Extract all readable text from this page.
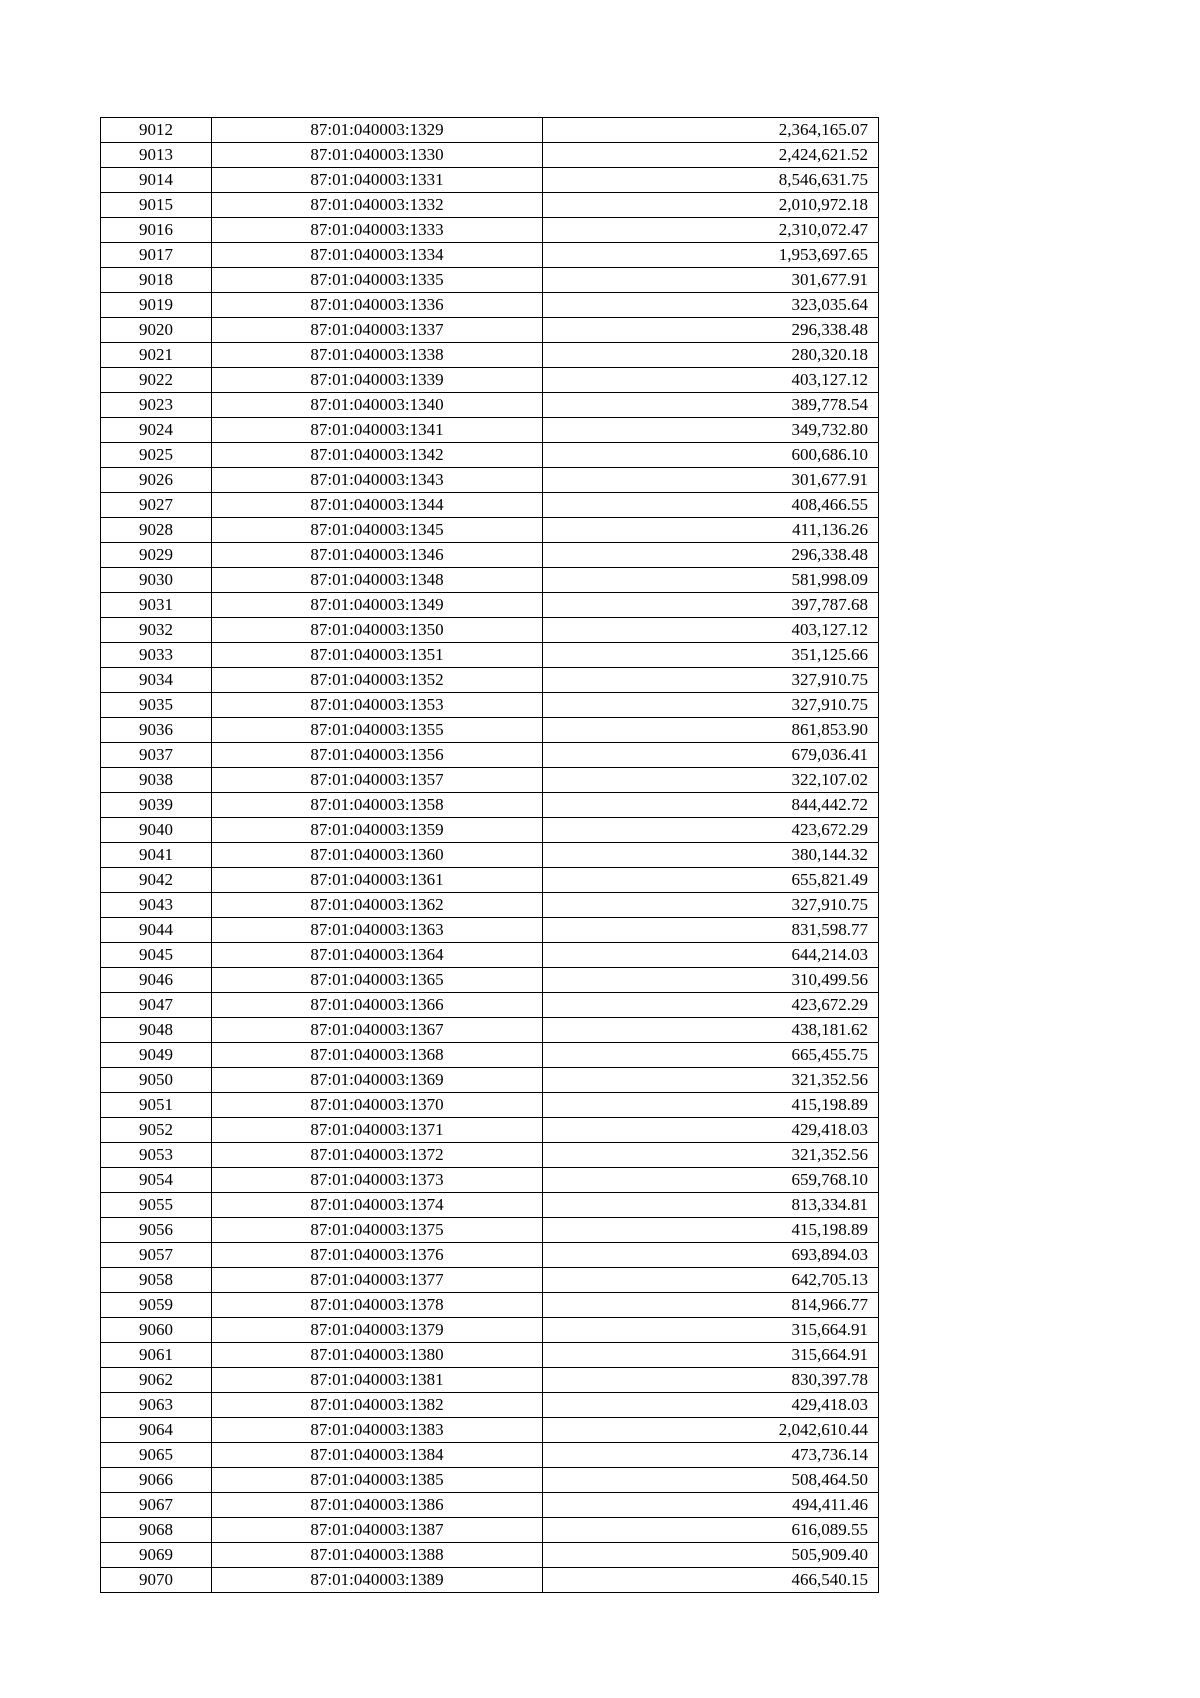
9012	87:01:040003:1329	2,364,165.07
9013	87:01:040003:1330	2,424,621.52
9014	87:01:040003:1331	8,546,631.75
9015	87:01:040003:1332	2,010,972.18
9016	87:01:040003:1333	2,310,072.47
9017	87:01:040003:1334	1,953,697.65
9018	87:01:040003:1335	301,677.91
9019	87:01:040003:1336	323,035.64
9020	87:01:040003:1337	296,338.48
9021	87:01:040003:1338	280,320.18
9022	87:01:040003:1339	403,127.12
9023	87:01:040003:1340	389,778.54
9024	87:01:040003:1341	349,732.80
9025	87:01:040003:1342	600,686.10
9026	87:01:040003:1343	301,677.91
9027	87:01:040003:1344	408,466.55
9028	87:01:040003:1345	411,136.26
9029	87:01:040003:1346	296,338.48
9030	87:01:040003:1348	581,998.09
9031	87:01:040003:1349	397,787.68
9032	87:01:040003:1350	403,127.12
9033	87:01:040003:1351	351,125.66
9034	87:01:040003:1352	327,910.75
9035	87:01:040003:1353	327,910.75
9036	87:01:040003:1355	861,853.90
9037	87:01:040003:1356	679,036.41
9038	87:01:040003:1357	322,107.02
9039	87:01:040003:1358	844,442.72
9040	87:01:040003:1359	423,672.29
9041	87:01:040003:1360	380,144.32
9042	87:01:040003:1361	655,821.49
9043	87:01:040003:1362	327,910.75
9044	87:01:040003:1363	831,598.77
9045	87:01:040003:1364	644,214.03
9046	87:01:040003:1365	310,499.56
9047	87:01:040003:1366	423,672.29
9048	87:01:040003:1367	438,181.62
9049	87:01:040003:1368	665,455.75
9050	87:01:040003:1369	321,352.56
9051	87:01:040003:1370	415,198.89
9052	87:01:040003:1371	429,418.03
9053	87:01:040003:1372	321,352.56
9054	87:01:040003:1373	659,768.10
9055	87:01:040003:1374	813,334.81
9056	87:01:040003:1375	415,198.89
9057	87:01:040003:1376	693,894.03
9058	87:01:040003:1377	642,705.13
9059	87:01:040003:1378	814,966.77
9060	87:01:040003:1379	315,664.91
9061	87:01:040003:1380	315,664.91
9062	87:01:040003:1381	830,397.78
9063	87:01:040003:1382	429,418.03
9064	87:01:040003:1383	2,042,610.44
9065	87:01:040003:1384	473,736.14
9066	87:01:040003:1385	508,464.50
9067	87:01:040003:1386	494,411.46
9068	87:01:040003:1387	616,089.55
9069	87:01:040003:1388	505,909.40
9070	87:01:040003:1389	466,540.15
